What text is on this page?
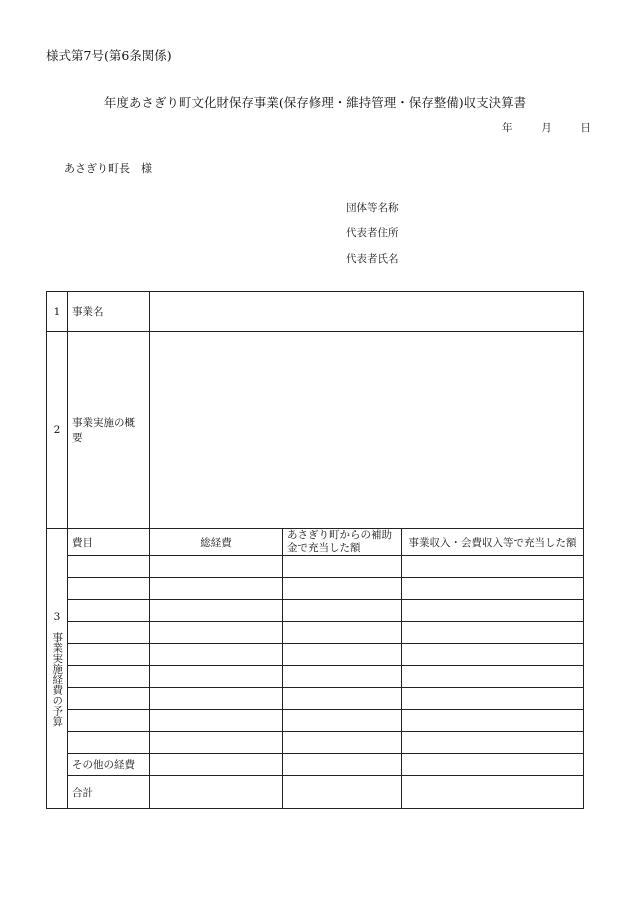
様式第7号(第6条関係)
年度あさぎり町文化財保存事業(保存修理・維持管理・保存整備)収支決算書
年	月	日
あさぎり町長　様
団体等名称
代表者住所
代表者氏名
1	事業名			
2	事業実施の概要			

3
事業実施経費の予算	費目	総経費	あさぎり町からの補助金で充当した額	事業収入・会費収入等で充当した額

	その他の経費			
	合計			
